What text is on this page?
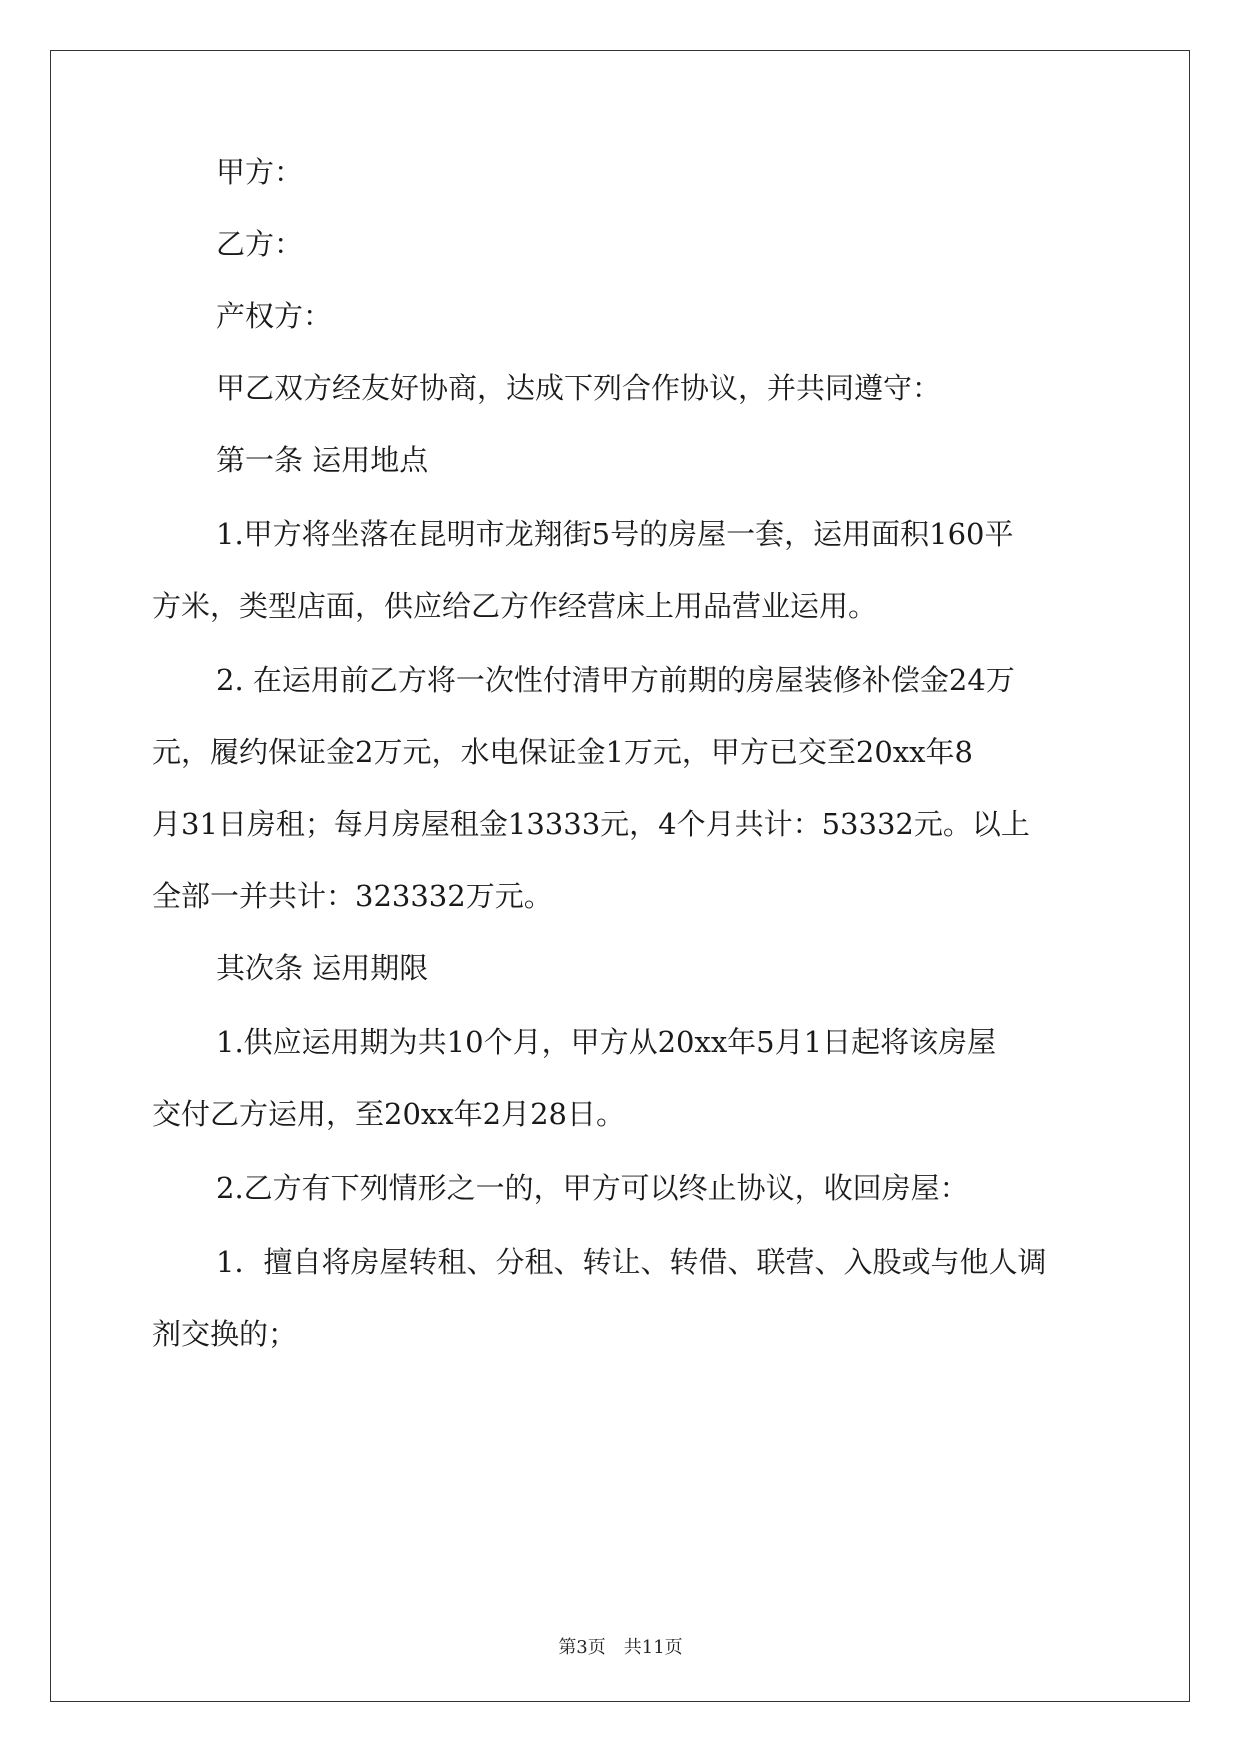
甲方：

乙方：

产权方：

甲乙双方经友好协商，达成下列合作协议，并共同遵守：

第一条 运用地点

1.甲方将坐落在昆明市龙翔街5号的房屋一套，运用面积160平

方米，类型店面，供应给乙方作经营床上用品营业运用。

2. 在运用前乙方将一次性付清甲方前期的房屋装修补偿金24万

元，履约保证金2万元，水电保证金1万元，甲方已交至20xx年8

月31日房租；每月房屋租金13333元，4个月共计：53332元。以上

全部一并共计：323332万元。

其次条 运用期限

1.供应运用期为共10个月，甲方从20xx年5月1日起将该房屋

交付乙方运用，至20xx年2月28日。

2.乙方有下列情形之一的，甲方可以终止协议，收回房屋：

1．擅自将房屋转租、分租、转让、转借、联营、入股或与他人调

剂交换的；

第3页　共11页
